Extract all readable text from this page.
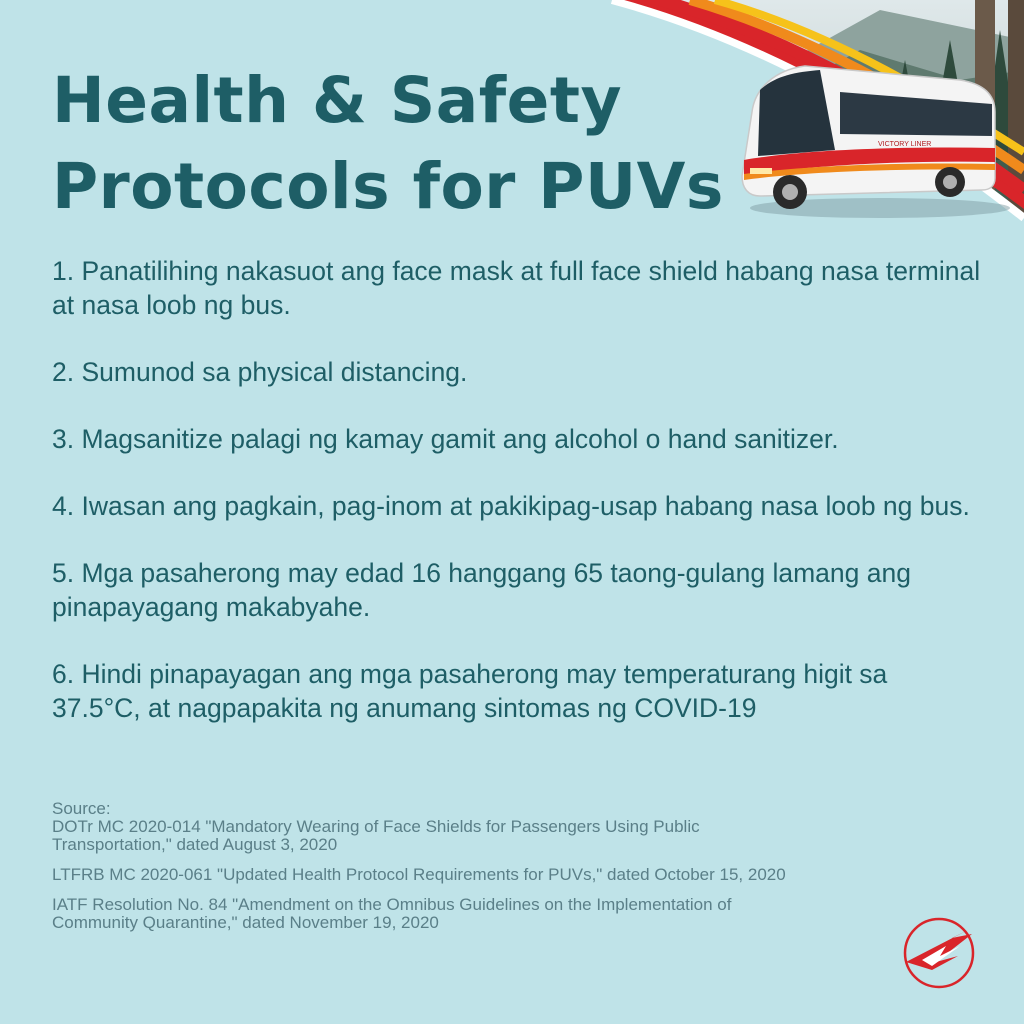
VICTORY LINER
Health & Safety
Protocols for PUVs
1. Panatilihing nakasuot ang face mask at full face shield habang nasa terminal at nasa loob ng bus.
2. Sumunod sa physical distancing.
3. Magsanitize palagi ng kamay gamit ang alcohol o hand sanitizer.
4. Iwasan ang pagkain, pag-inom at pakikipag-usap habang nasa loob ng bus.
5. Mga pasaherong may edad 16 hanggang 65 taong-gulang lamang ang pinapayagang makabyahe.
6. Hindi pinapayagan ang mga pasaherong may temperaturang higit sa 37.5°C, at nagpapakita ng anumang sintomas ng COVID-19

Source:

DOTr MC 2020-014 "Mandatory Wearing of Face Shields for Passengers Using Public Transportation," dated August 3, 2020

LTFRB MC 2020-061 "Updated Health Protocol Requirements for PUVs," dated October 15, 2020

IATF Resolution No. 84 "Amendment on the Omnibus Guidelines on the Implementation of Community Quarantine," dated November 19, 2020
